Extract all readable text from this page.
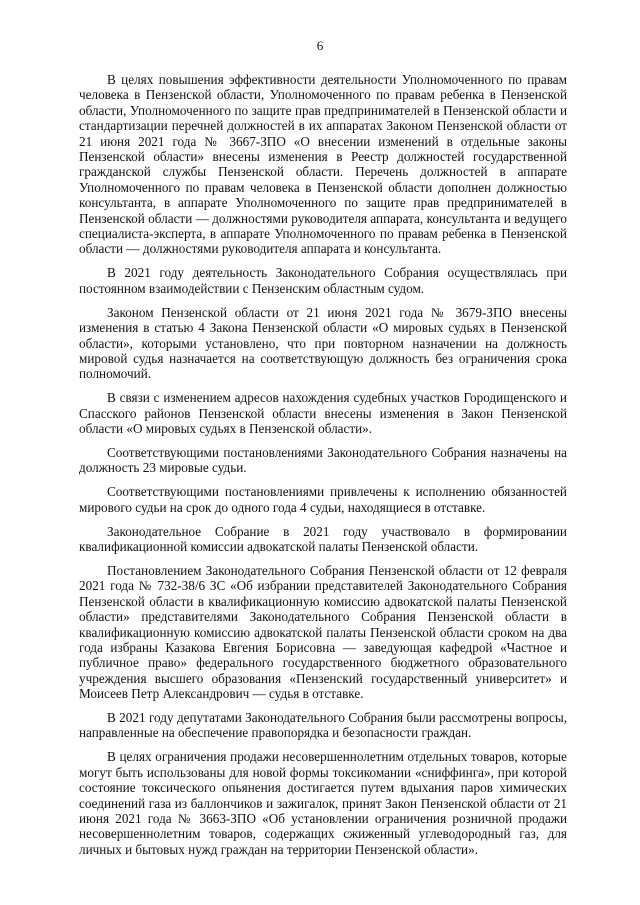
6

В целях повышения эффективности деятельности Уполномоченного по правам человека в Пензенской области, Уполномоченного по правам ребенка в Пензенской области, Уполномоченного по защите прав предпринимателей в Пензенской области и стандартизации перечней должностей в их аппаратах Законом Пензенской области от 21 июня 2021 года № 3667-ЗПО «О внесении изменений в отдельные законы Пензенской области» внесены изменения в Реестр должностей государственной гражданской службы Пензенской области. Перечень должностей в аппарате Уполномоченного по правам человека в Пензенской области дополнен должностью консультанта, в аппарате Уполномоченного по защите прав предпринимателей в Пензенской области — должностями руководителя аппарата, консультанта и ведущего специалиста-эксперта, в аппарате Уполномоченного по правам ребенка в Пензенской области — должностями руководителя аппарата и консультанта.

В 2021 году деятельность Законодательного Собрания осуществлялась при постоянном взаимодействии с Пензенским областным судом.

Законом Пензенской области от 21 июня 2021 года № 3679-ЗПО внесены изменения в статью 4 Закона Пензенской области «О мировых судьях в Пензенской области», которыми установлено, что при повторном назначении на должность мировой судья назначается на соответствующую должность без ограничения срока полномочий.

В связи с изменением адресов нахождения судебных участков Городищенского и Спасского районов Пензенской области внесены изменения в Закон Пензенской области «О мировых судьях в Пензенской области».

Соответствующими постановлениями Законодательного Собрания назначены на должность 23 мировые судьи.

Соответствующими постановлениями привлечены к исполнению обязанностей мирового судьи на срок до одного года 4 судьи, находящиеся в отставке.

Законодательное Собрание в 2021 году участвовало в формировании квалификационной комиссии адвокатской палаты Пензенской области.

Постановлением Законодательного Собрания Пензенской области от 12 февраля 2021 года № 732-38/6 ЗС «Об избрании представителей Законодательного Собрания Пензенской области в квалификационную комиссию адвокатской палаты Пензенской области» представителями Законодательного Собрания Пензенской области в квалификационную комиссию адвокатской палаты Пензенской области сроком на два года избраны Казакова Евгения Борисовна — заведующая кафедрой «Частное и публичное право» федерального государственного бюджетного образовательного учреждения высшего образования «Пензенский государственный университет» и Моисеев Петр Александрович — судья в отставке.

В 2021 году депутатами Законодательного Собрания были рассмотрены вопросы, направленные на обеспечение правопорядка и безопасности граждан.

В целях ограничения продажи несовершеннолетним отдельных товаров, которые могут быть использованы для новой формы токсикомании «сниффинга», при которой состояние токсического опьянения достигается путем вдыхания паров химических соединений газа из баллончиков и зажигалок, принят Закон Пензенской области от 21 июня 2021 года № 3663-ЗПО «Об установлении ограничения розничной продажи несовершеннолетним товаров, содержащих сжиженный углеводородный газ, для личных и бытовых нужд граждан на территории Пензенской области».
